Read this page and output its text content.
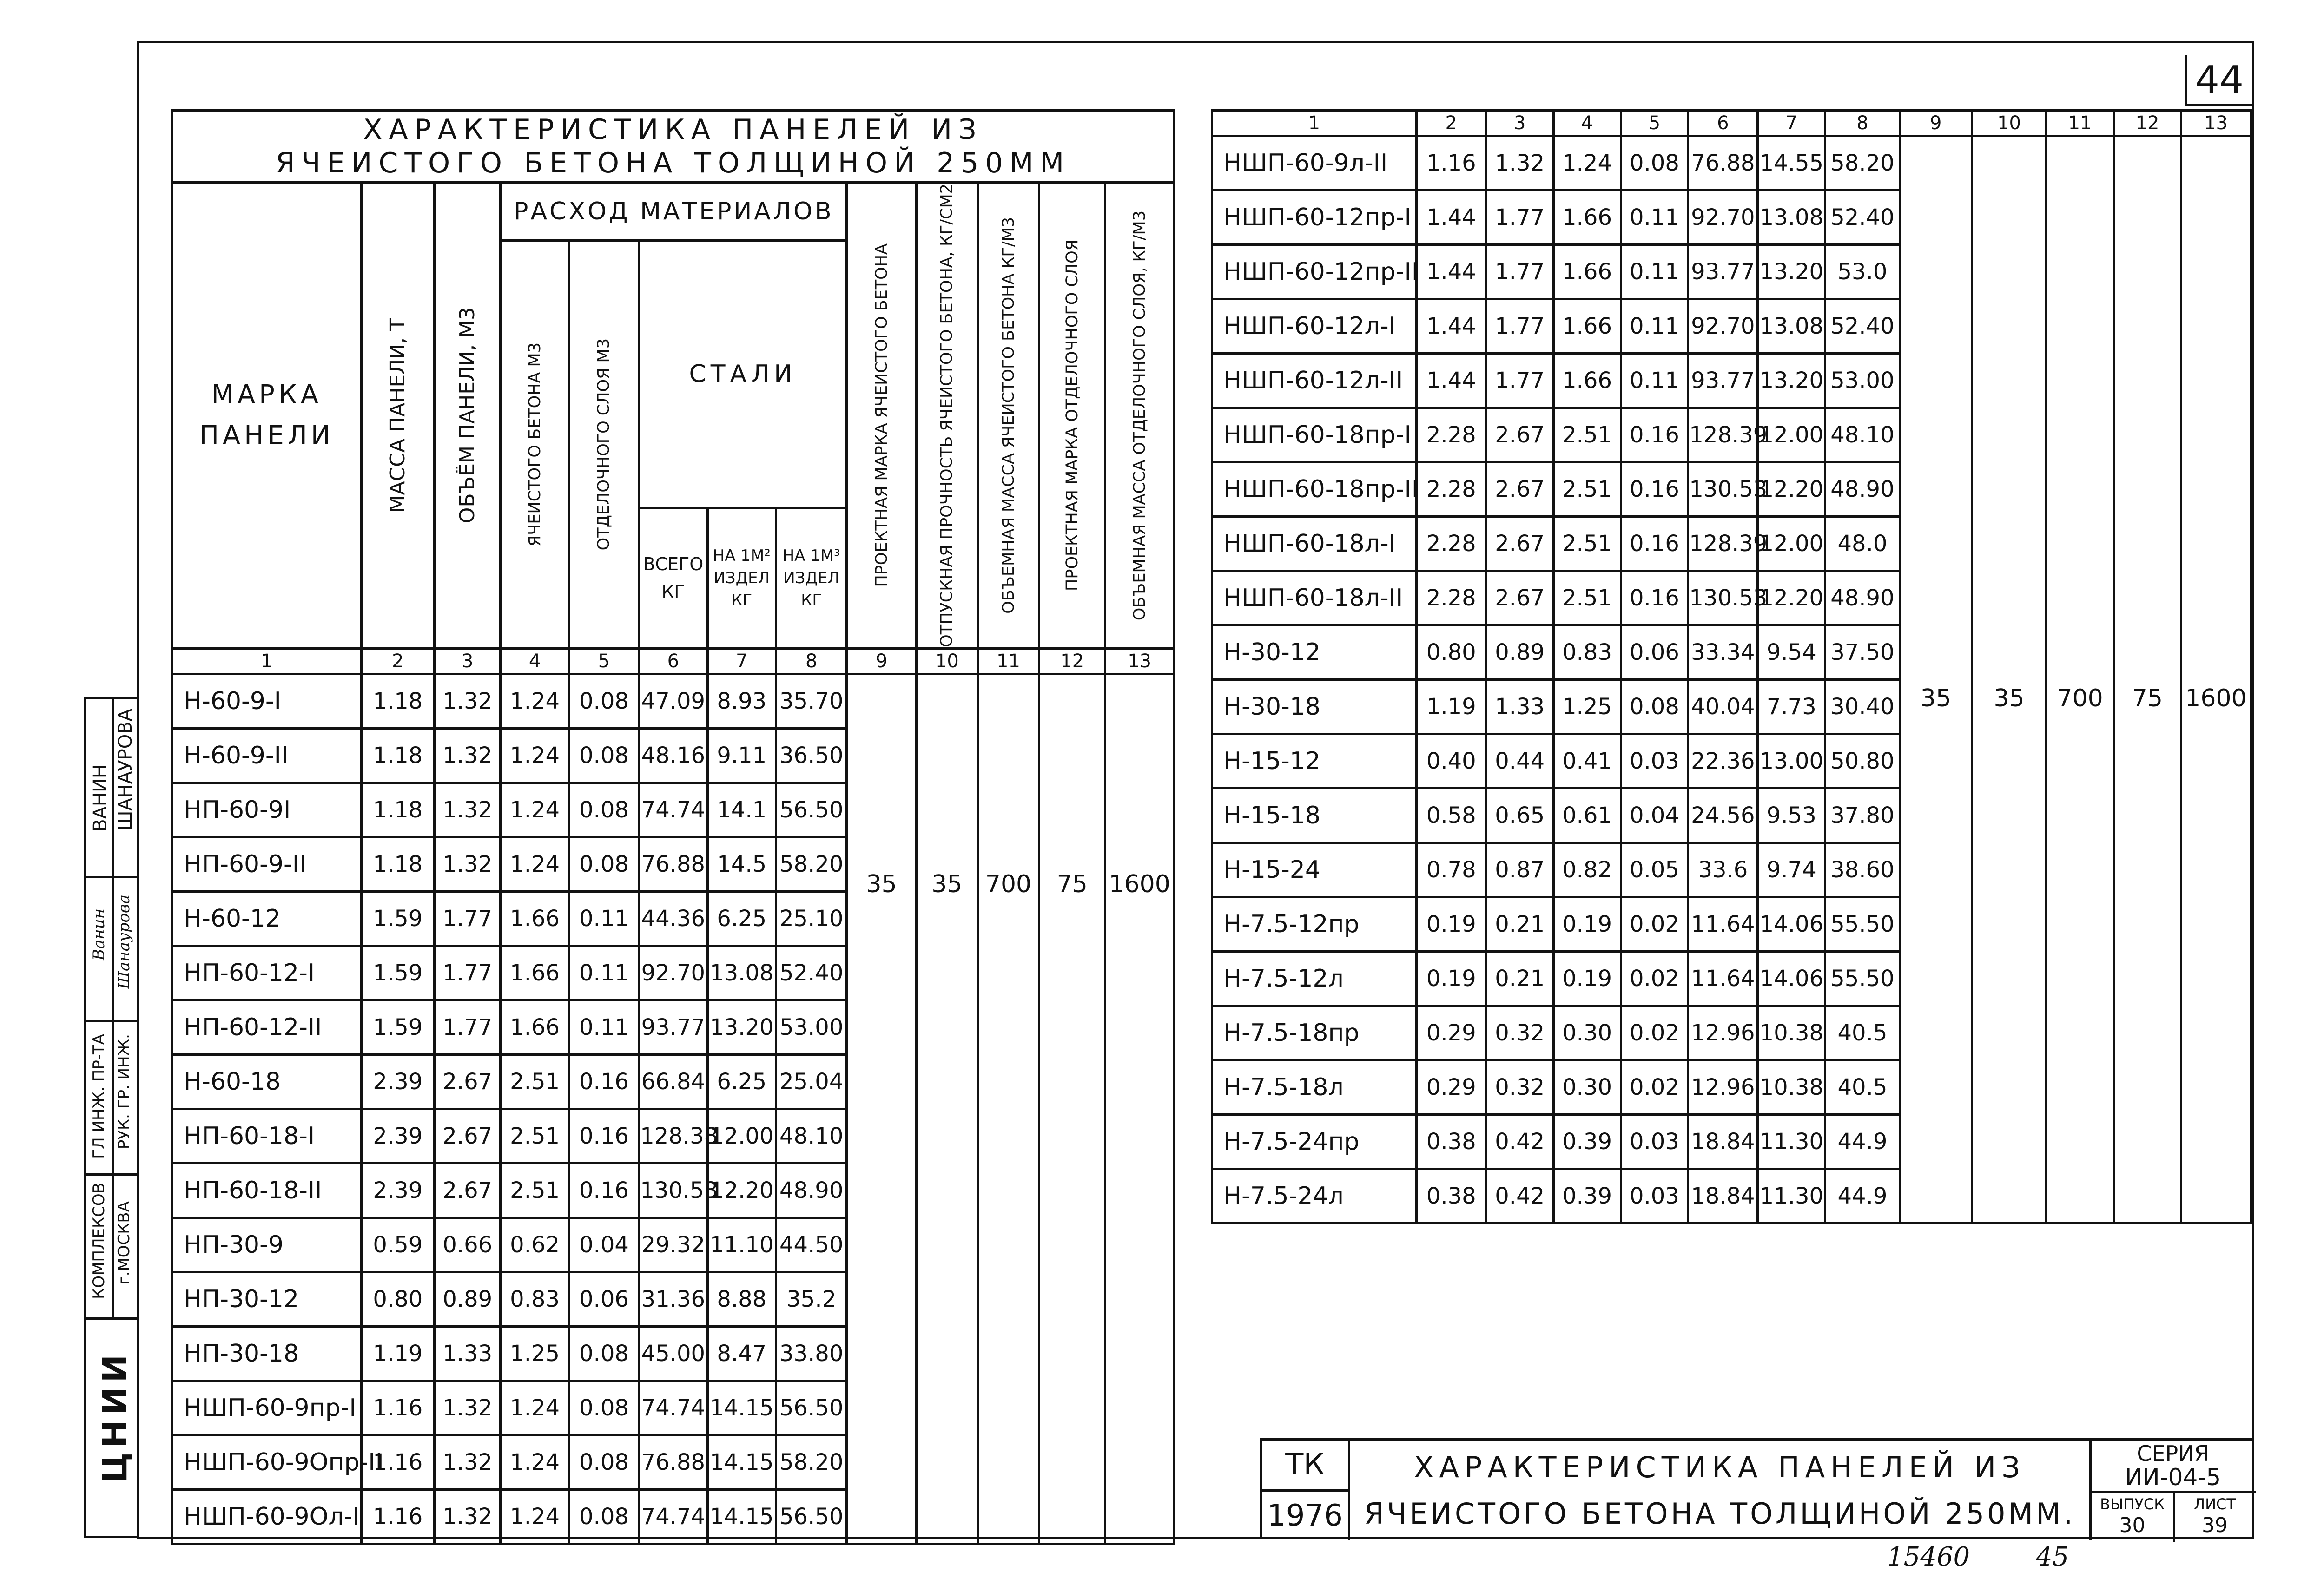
44
ШАНАУРОВА
ВАНИН
Шанаурова
Ванин
РУК. ГР. ИНЖ.
ГЛ ИНЖ. ПР-ТА
г.МОСКВА
КОМПЛЕКСОВ
ЦНИИ
ХАРАКТЕРИСТИКА ПАНЕЛЕЙ ИЗ
ЯЧЕИСТОГО БЕТОНА ТОЛЩИНОЙ 250ММ												

МАРКА ПАНЕЛИ	МАССА ПАНЕЛИ, Т	ОБЪЁМ ПАНЕЛИ, М3	РАСХОД МАТЕРИАЛОВ					ПРОЕКТНАЯ МАРКА ЯЧЕИСТОГО БЕТОНА	ОТПУСКНАЯ ПРОЧНОСТЬ ЯЧЕИСТОГО БЕТОНА, КГ/СМ2	ОБЪЕМНАЯ МАССА ЯЧЕИСТОГО БЕТОНА КГ/М3	ПРОЕКТНАЯ МАРКА ОТДЕЛОЧНОГО СЛОЯ	ОБЪЕМНАЯ МАССА ОТДЕЛОЧНОГО СЛОЯ, КГ/М3

			ЯЧЕИСТОГО БЕТОНА М3	ОТДЕЛОЧНОГО СЛОЯ М3	СТАЛИ							

					ВСЕГО КГ	НА 1М² ИЗДЕЛ КГ	НА 1М³ ИЗДЕЛ КГ					

1	2	3	4	5	6	7	8	9	10	11	12	13
Н-60-9-I	1.18	1.32	1.24	0.08	47.09	8.93	35.70	35	35	700	75	1600
Н-60-9-II	1.18	1.32	1.24	0.08	48.16	9.11	36.50					
НП-60-9I	1.18	1.32	1.24	0.08	74.74	14.1	56.50					
НП-60-9-II	1.18	1.32	1.24	0.08	76.88	14.5	58.20					
Н-60-12	1.59	1.77	1.66	0.11	44.36	6.25	25.10					
НП-60-12-I	1.59	1.77	1.66	0.11	92.70	13.08	52.40					
НП-60-12-II	1.59	1.77	1.66	0.11	93.77	13.20	53.00					
Н-60-18	2.39	2.67	2.51	0.16	66.84	6.25	25.04					
НП-60-18-I	2.39	2.67	2.51	0.16	128.38	12.00	48.10					
НП-60-18-II	2.39	2.67	2.51	0.16	130.53	12.20	48.90					
НП-30-9	0.59	0.66	0.62	0.04	29.32	11.10	44.50					
НП-30-12	0.80	0.89	0.83	0.06	31.36	8.88	35.2					
НП-30-18	1.19	1.33	1.25	0.08	45.00	8.47	33.80					
НШП-60-9пр-I	1.16	1.32	1.24	0.08	74.74	14.15	56.50					
НШП-60-9Опр-II	1.16	1.32	1.24	0.08	76.88	14.15	58.20					
НШП-60-9Ол-I	1.16	1.32	1.24	0.08	74.74	14.15	56.50					
1	2	3	4	5	6	7	8	9	10	11	12	13
НШП-60-9л-II	1.16	1.32	1.24	0.08	76.88	14.55	58.20	35	35	700	75	1600
НШП-60-12пр-I	1.44	1.77	1.66	0.11	92.70	13.08	52.40					
НШП-60-12пр-II	1.44	1.77	1.66	0.11	93.77	13.20	53.0					
НШП-60-12л-I	1.44	1.77	1.66	0.11	92.70	13.08	52.40					
НШП-60-12л-II	1.44	1.77	1.66	0.11	93.77	13.20	53.00					
НШП-60-18пр-I	2.28	2.67	2.51	0.16	128.39	12.00	48.10					
НШП-60-18пр-II	2.28	2.67	2.51	0.16	130.53	12.20	48.90					
НШП-60-18л-I	2.28	2.67	2.51	0.16	128.39	12.00	48.0					
НШП-60-18л-II	2.28	2.67	2.51	0.16	130.53	12.20	48.90					
Н-30-12	0.80	0.89	0.83	0.06	33.34	9.54	37.50					
Н-30-18	1.19	1.33	1.25	0.08	40.04	7.73	30.40					
Н-15-12	0.40	0.44	0.41	0.03	22.36	13.00	50.80					
Н-15-18	0.58	0.65	0.61	0.04	24.56	9.53	37.80					
Н-15-24	0.78	0.87	0.82	0.05	33.6	9.74	38.60					
Н-7.5-12пр	0.19	0.21	0.19	0.02	11.64	14.06	55.50					
Н-7.5-12л	0.19	0.21	0.19	0.02	11.64	14.06	55.50					
Н-7.5-18пр	0.29	0.32	0.30	0.02	12.96	10.38	40.5					
Н-7.5-18л	0.29	0.32	0.30	0.02	12.96	10.38	40.5					
Н-7.5-24пр	0.38	0.42	0.39	0.03	18.84	11.30	44.9					
Н-7.5-24л	0.38	0.42	0.39	0.03	18.84	11.30	44.9					
ТК
1976
ХАРАКТЕРИСТИКА ПАНЕЛЕЙ ИЗ
ЯЧЕИСТОГО БЕТОНА ТОЛЩИНОЙ 250ММ.
СЕРИЯ
ИИ-04-5
ВЫПУСК
30
ЛИСТ
39
15460	45
